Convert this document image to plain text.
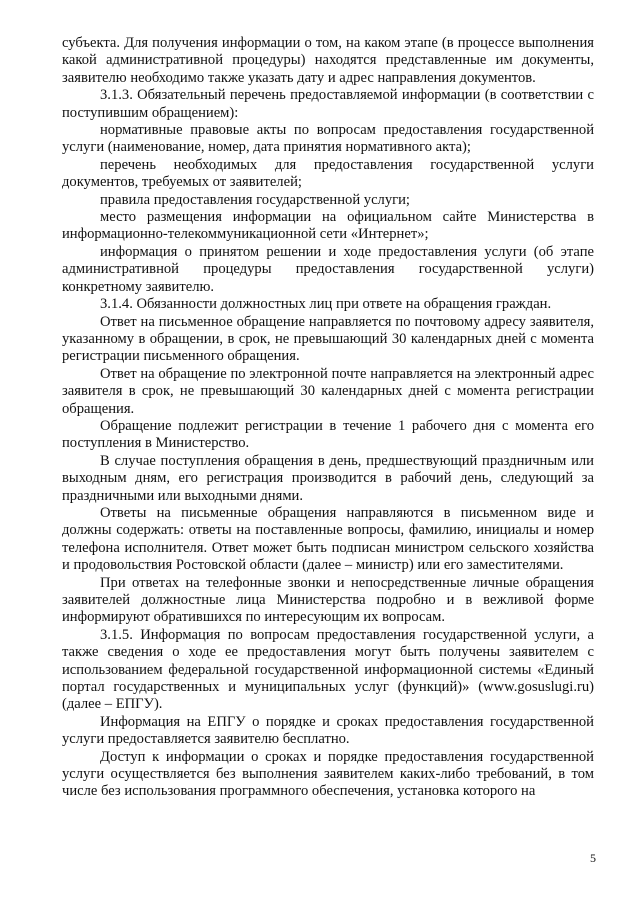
субъекта. Для получения информации о том, на каком этапе (в процессе выполнения какой административной процедуры) находятся представленные им документы, заявителю необходимо также указать дату и адрес направления документов.

3.1.3. Обязательный перечень предоставляемой информации (в соответствии с поступившим обращением):

нормативные правовые акты по вопросам предоставления государственной услуги (наименование, номер, дата принятия нормативного акта);

перечень необходимых для предоставления государственной услуги документов, требуемых от заявителей;

правила предоставления государственной услуги;

место размещения информации на официальном сайте Министерства в информационно-телекоммуникационной сети «Интернет»;

информация о принятом решении и ходе предоставления услуги (об этапе административной процедуры предоставления государственной услуги) конкретному заявителю.

3.1.4. Обязанности должностных лиц при ответе на обращения граждан.

Ответ на письменное обращение направляется по почтовому адресу заявителя, указанному в обращении, в срок, не превышающий 30 календарных дней с момента регистрации письменного обращения.

Ответ на обращение по электронной почте направляется на электронный адрес заявителя в срок, не превышающий 30 календарных дней с момента регистрации обращения.

Обращение подлежит регистрации в течение 1 рабочего дня с момента его поступления в Министерство.

В случае поступления обращения в день, предшествующий праздничным или выходным дням, его регистрация производится в рабочий день, следующий за праздничными или выходными днями.

Ответы на письменные обращения направляются в письменном виде и должны содержать: ответы на поставленные вопросы, фамилию, инициалы и номер телефона исполнителя. Ответ может быть подписан министром сельского хозяйства и продовольствия Ростовской области (далее – министр) или его заместителями.

При ответах на телефонные звонки и непосредственные личные обращения заявителей должностные лица Министерства подробно и в вежливой форме информируют обратившихся по интересующим их вопросам.

3.1.5. Информация по вопросам предоставления государственной услуги, а также сведения о ходе ее предоставления могут быть получены заявителем с использованием федеральной государственной информационной системы «Единый портал государственных и муниципальных услуг (функций)» (www.gosuslugi.ru) (далее – ЕПГУ).

Информация на ЕПГУ о порядке и сроках предоставления государственной услуги предоставляется заявителю бесплатно.

Доступ к информации о сроках и порядке предоставления государственной услуги осуществляется без выполнения заявителем каких-либо требований, в том числе без использования программного обеспечения, установка которого на

5
